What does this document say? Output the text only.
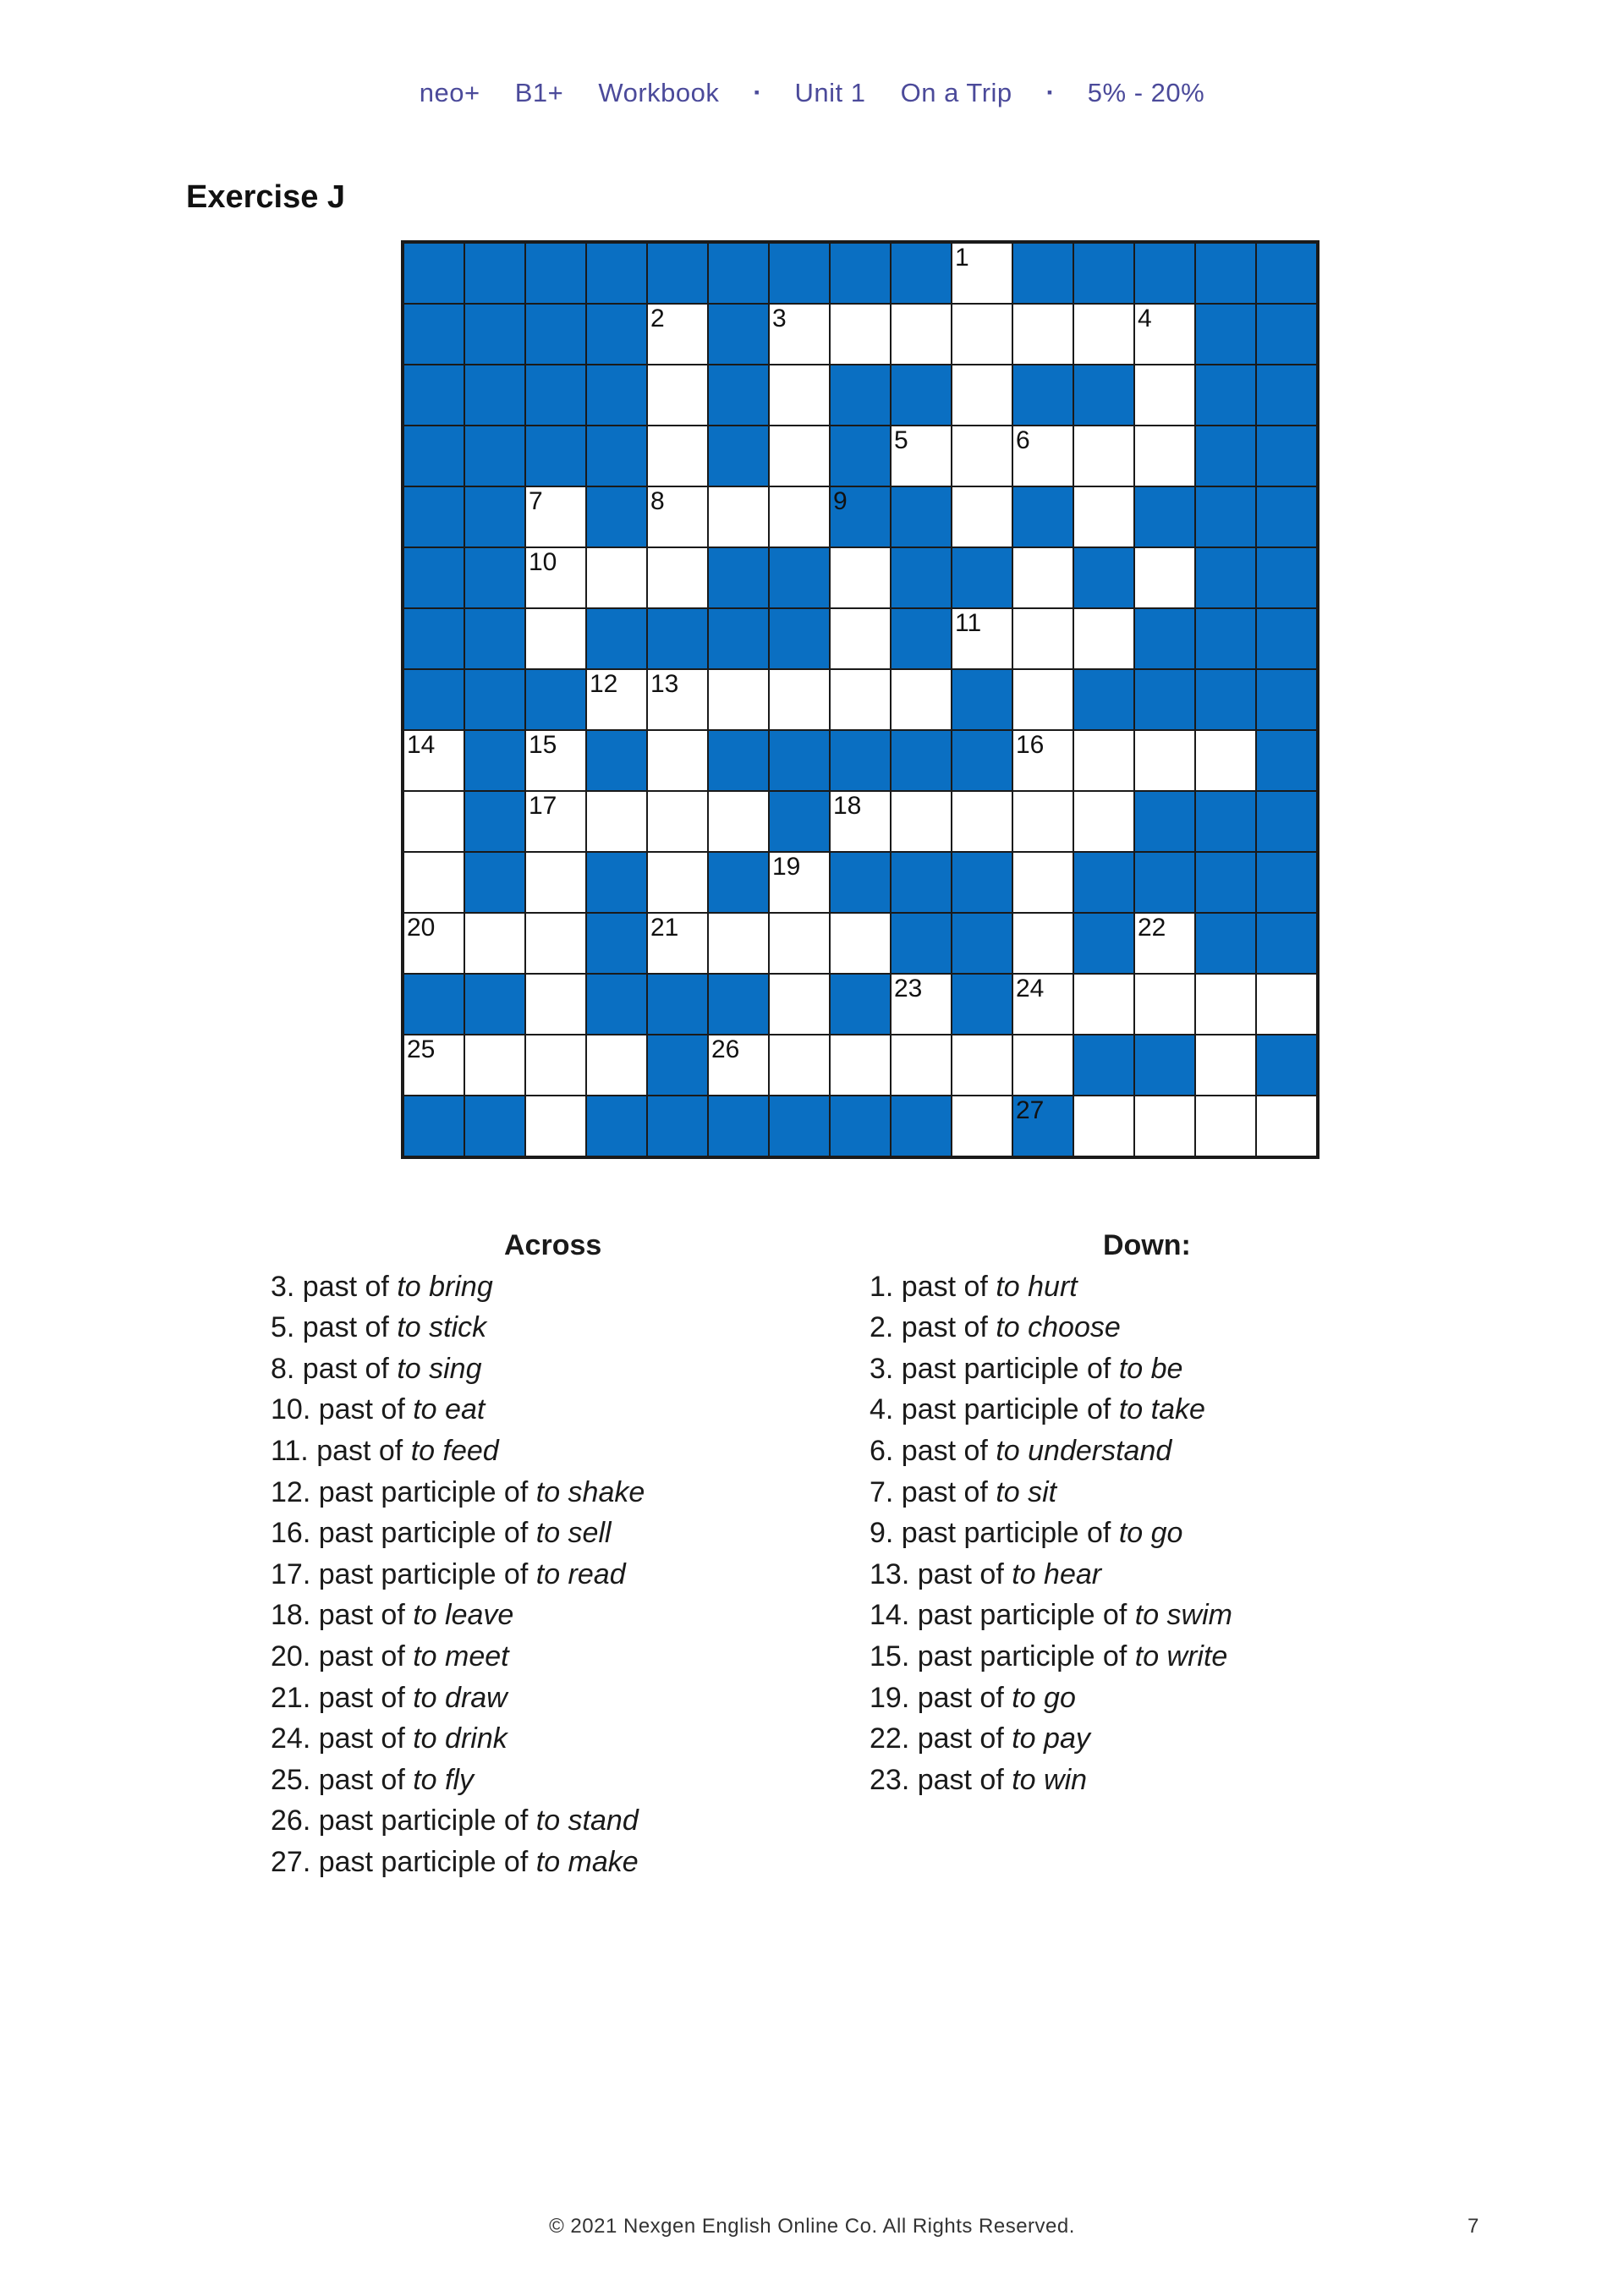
neo+ B1+ Workbook ▪ Unit 1 On a Trip ▪ 5% - 20%
Exercise J
1
2	3	4
5	6
7	8	9
10
11
12 13
14	15	16
17	18
19
20	21	22
23	24
25	26
27
Across
3. past of to bring
5. past of to stick
8. past of to sing
10. past of to eat
11. past of to feed
12. past participle of to shake
16. past participle of to sell
17. past participle of to read
18. past of to leave
20. past of to meet
21. past of to draw
24. past of to drink
25. past of to fly
26. past participle of to stand
27. past participle of to make
Down:
1. past of to hurt
2. past of to choose
3. past participle of to be
4. past participle of to take
6. past of to understand
7. past of to sit
9. past participle of to go
13. past of to hear
14. past participle of to swim
15. past participle of to write
19. past of to go
22. past of to pay
23. past of to win
© 2021 Nexgen English Online Co. All Rights Reserved.	7
